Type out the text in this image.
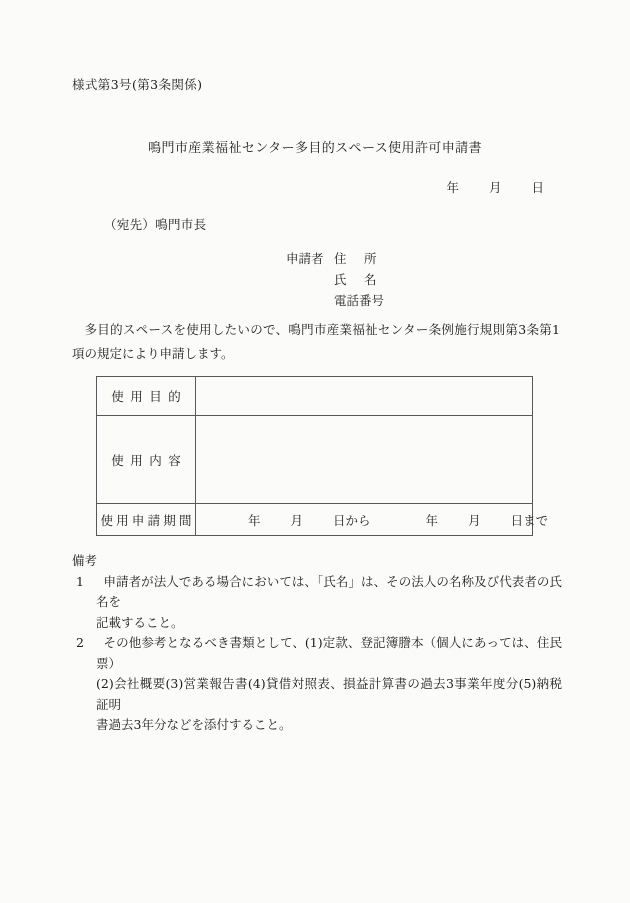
様式第3号(第3条関係)
鳴門市産業福祉センター多目的スペース使用許可申請書
年 月 日
（宛先）鳴門市長
申請者 住 所
氏 名
電話番号
多目的スペースを使用したいので、鳴門市産業福祉センター条例施行規則第3条第1項の規定により申請します。
使用目的	
使用内容	
使用申請期間	年 月 日から 年 月 日まで
備考
1	申請者が法人である場合においては、「氏名」は、その法人の名称及び代表者の氏名を
記載すること。
2	その他参考となるべき書類として、(1)定款、登記簿謄本（個人にあっては、住民票）
(2)会社概要(3)営業報告書(4)貸借対照表、損益計算書の過去3事業年度分(5)納税証明
書過去3年分などを添付すること。
